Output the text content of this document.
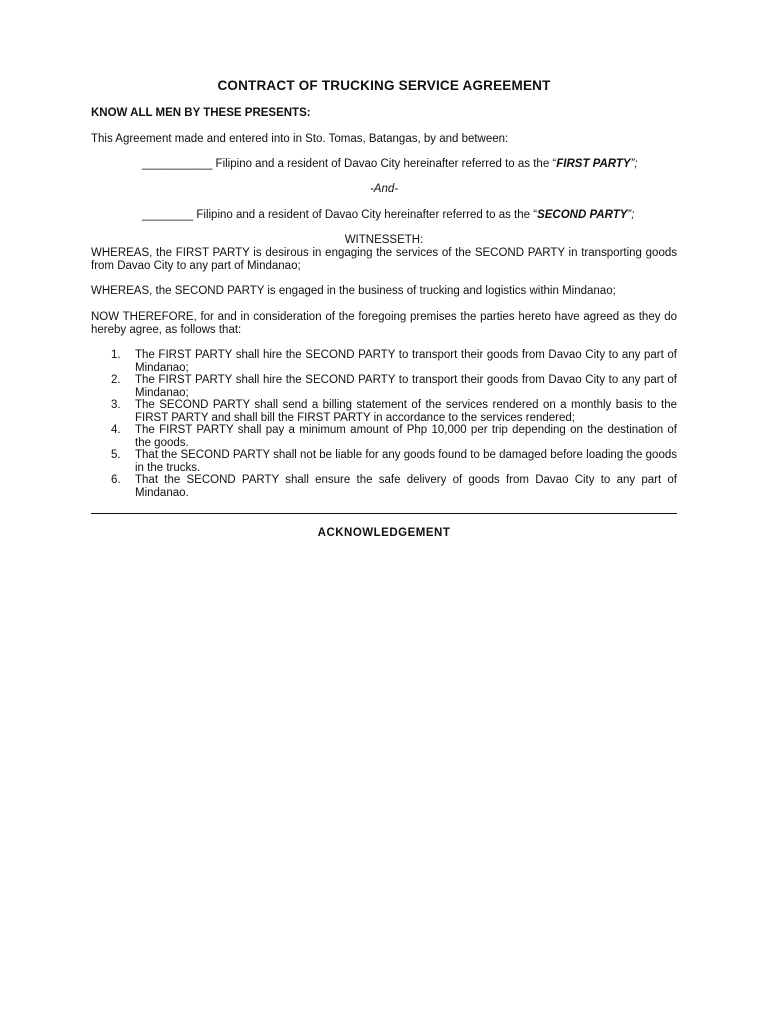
CONTRACT OF TRUCKING SERVICE AGREEMENT
KNOW ALL MEN BY THESE PRESENTS:
This Agreement made and entered into in Sto. Tomas, Batangas, by and between:
___________ Filipino and a resident of Davao City hereinafter referred to as the “FIRST PARTY”;
-And-
________ Filipino and a resident of Davao City hereinafter referred to as the “SECOND PARTY”;
WITNESSETH:
WHEREAS, the FIRST PARTY is desirous in engaging the services of the SECOND PARTY in transporting goods from Davao City to any part of Mindanao;
WHEREAS, the SECOND PARTY is engaged in the business of trucking and logistics within Mindanao;
NOW THEREFORE, for and in consideration of the foregoing premises the parties hereto have agreed as they do hereby agree, as follows that:
1. The FIRST PARTY shall hire the SECOND PARTY to transport their goods from Davao City to any part of Mindanao;
2. The FIRST PARTY shall hire the SECOND PARTY to transport their goods from Davao City to any part of Mindanao;
3. The SECOND PARTY shall send a billing statement of the services rendered on a monthly basis to the FIRST PARTY and shall bill the FIRST PARTY in accordance to the services rendered;
4. The FIRST PARTY shall pay a minimum amount of Php 10,000 per trip depending on the destination of the goods.
5. That the SECOND PARTY shall not be liable for any goods found to be damaged before loading the goods in the trucks.
6. That the SECOND PARTY shall ensure the safe delivery of goods from Davao City to any part of Mindanao.
ACKNOWLEDGEMENT
